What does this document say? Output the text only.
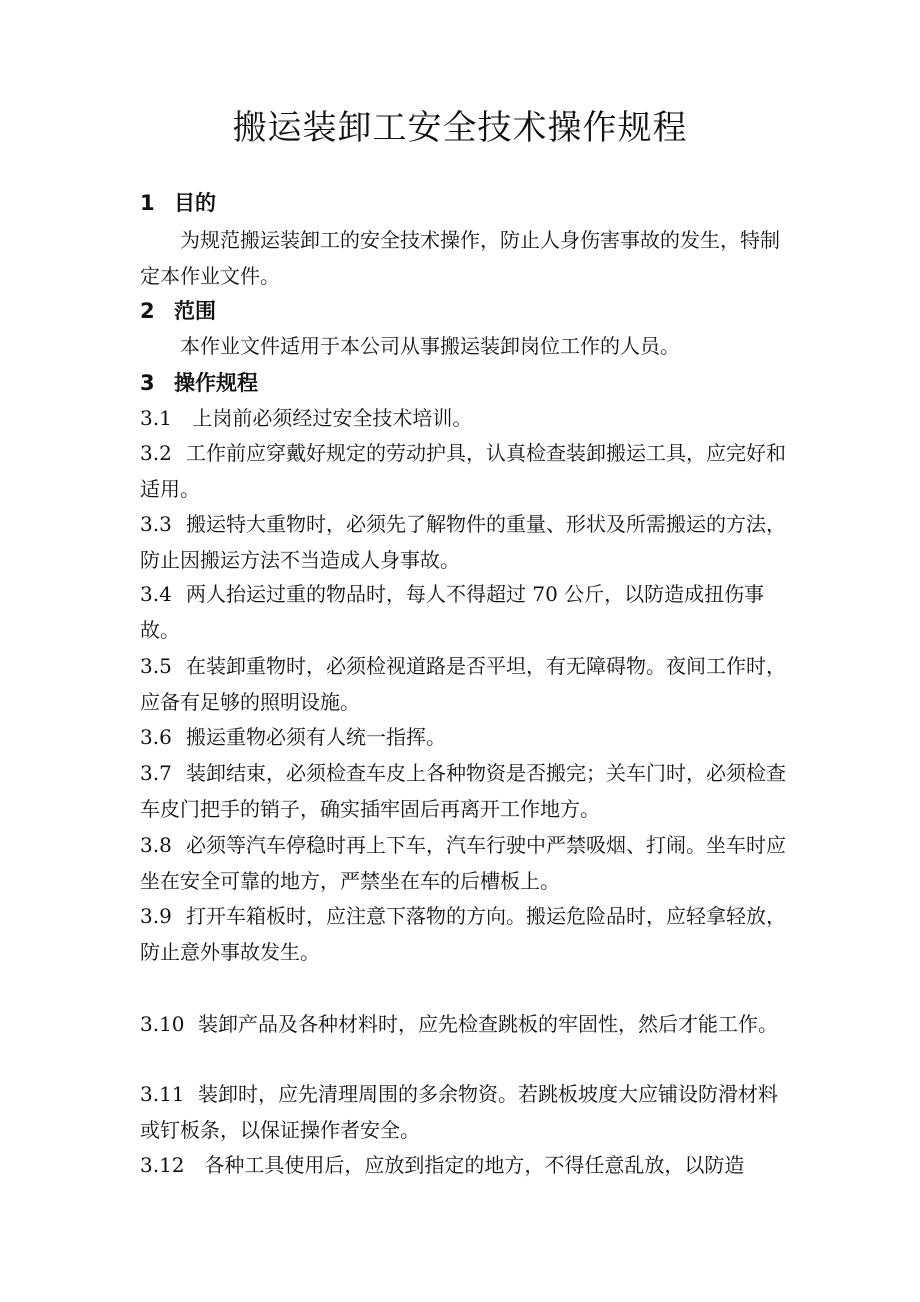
搬运装卸工安全技术操作规程
1 目的
为规范搬运装卸工的安全技术操作，防止人身伤害事故的发生，特制定本作业文件。
2 范围
本作业文件适用于本公司从事搬运装卸岗位工作的人员。
3 操作规程
3.1 上岗前必须经过安全技术培训。
3.2 工作前应穿戴好规定的劳动护具，认真检查装卸搬运工具，应完好和适用。
3.3 搬运特大重物时，必须先了解物件的重量、形状及所需搬运的方法，防止因搬运方法不当造成人身事故。
3.4 两人抬运过重的物品时，每人不得超过 70 公斤，以防造成扭伤事故。
3.5 在装卸重物时，必须检视道路是否平坦，有无障碍物。夜间工作时，应备有足够的照明设施。
3.6 搬运重物必须有人统一指挥。
3.7 装卸结束，必须检查车皮上各种物资是否搬完；关车门时，必须检查车皮门把手的销子，确实插牢固后再离开工作地方。
3.8 必须等汽车停稳时再上下车，汽车行驶中严禁吸烟、打闹。坐车时应坐在安全可靠的地方，严禁坐在车的后槽板上。
3.9 打开车箱板时，应注意下落物的方向。搬运危险品时，应轻拿轻放，防止意外事故发生。
3.10 装卸产品及各种材料时，应先检查跳板的牢固性，然后才能工作。
3.11 装卸时，应先清理周围的多余物资。若跳板坡度大应铺设防滑材料或钉板条，以保证操作者安全。
3.12 各种工具使用后，应放到指定的地方，不得任意乱放，以防造
